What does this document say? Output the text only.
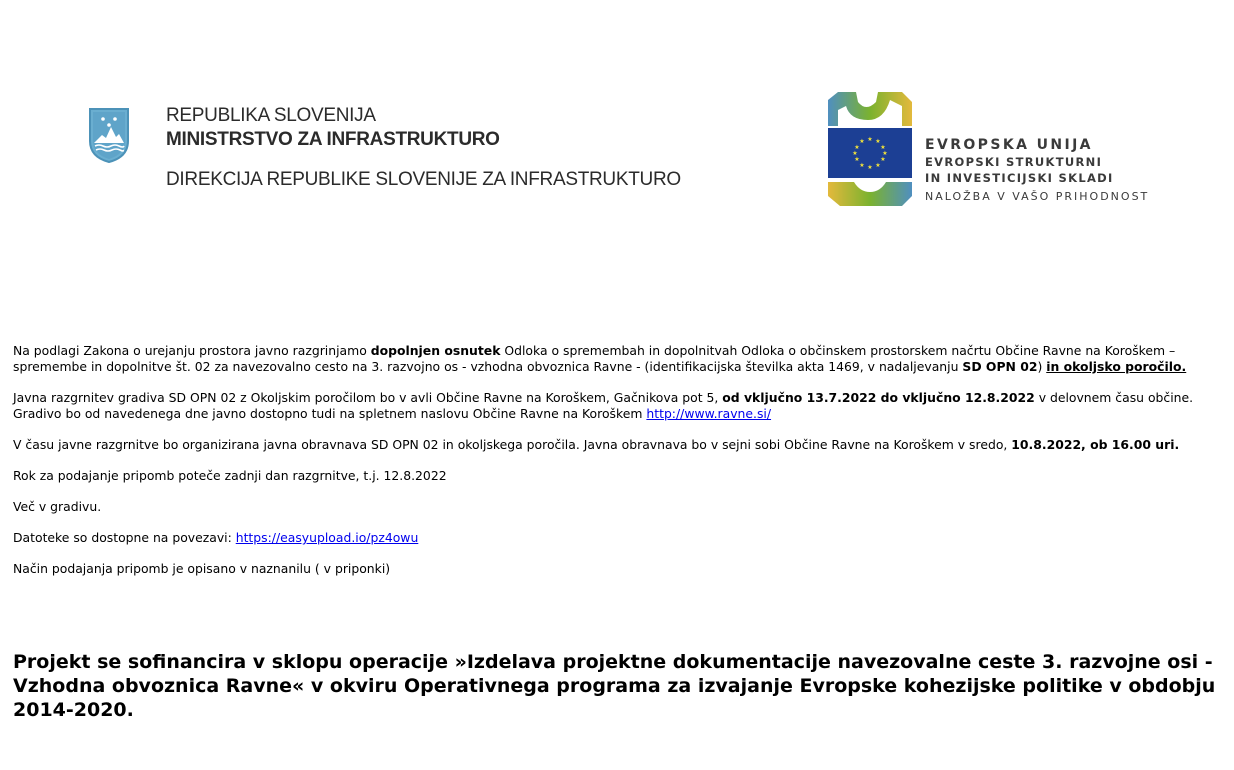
REPUBLIKA SLOVENIJA
MINISTRSTVO ZA INFRASTRUKTURO
DIREKCIJA REPUBLIKE SLOVENIJE ZA INFRASTRUKTURO
★ ★
★
★
★
★
★
★
★
★
★
★	EVROPSKA UNIJA
EVROPSKI STRUKTURNI
IN INVESTICIJSKI SKLADI
NALOŽBA V VAŠO PRIHODNOST

Na podlagi Zakona o urejanju prostora javno razgrinjamo dopolnjen osnutek Odloka o spremembah in dopolnitvah Odloka o občinskem prostorskem načrtu Občine Ravne na Koroškem – spremembe in dopolnitve št. 02 za navezovalno cesto na 3. razvojno os - vzhodna obvoznica Ravne - (identifikacijska številka akta 1469, v nadaljevanju SD OPN 02) in okoljsko poročilo.

Javna razgrnitev gradiva SD OPN 02 z Okoljskim poročilom bo v avli Občine Ravne na Koroškem, Gačnikova pot 5, od vključno 13.7.2022 do vključno 12.8.2022 v delovnem času občine. Gradivo bo od navedenega dne javno dostopno tudi na spletnem naslovu Občine Ravne na Koroškem http://www.ravne.si/

V času javne razgrnitve bo organizirana javna obravnava SD OPN 02 in okoljskega poročila. Javna obravnava bo v sejni sobi Občine Ravne na Koroškem v sredo, 10.8.2022, ob 16.00 uri.

Rok za podajanje pripomb poteče zadnji dan razgrnitve, t.j. 12.8.2022

Več v gradivu.

Datoteke so dostopne na povezavi: https://easyupload.io/pz4owu

Način podajanja pripomb je opisano v naznanilu ( v priponki)

Projekt se sofinancira v sklopu operacije »Izdelava projektne dokumentacije navezovalne ceste 3. razvojne osi - Vzhodna obvoznica Ravne« v okviru Operativnega programa za izvajanje Evropske kohezijske politike v obdobju 2014-2020.
